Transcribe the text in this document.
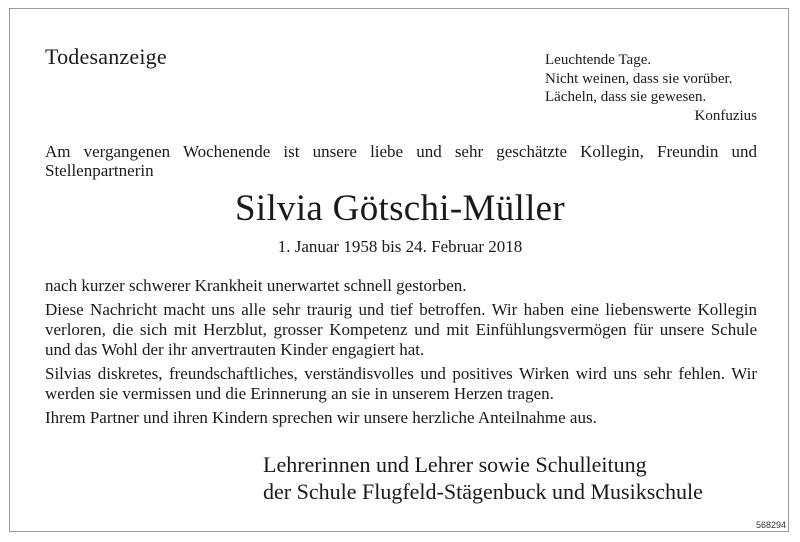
Todesanzeige	Leuchtende Tage.
Nicht weinen, dass sie vorüber.
Lächeln, dass sie gewesen.
Konfuzius
Am vergangenen Wochenende ist unsere liebe und sehr geschätzte Kollegin, Freundin und Stellenpartnerin
Silvia Götschi-Müller
1. Januar 1958 bis 24. Februar 2018

nach kurzer schwerer Krankheit unerwartet schnell gestorben.

Diese Nachricht macht uns alle sehr traurig und tief betroffen. Wir haben eine liebenswerte Kollegin verloren, die sich mit Herzblut, grosser Kompetenz und mit Einfühlungsvermögen für unsere Schule und das Wohl der ihr anvertrauten Kinder engagiert hat.

Silvias diskretes, freundschaftliches, verständisvolles und positives Wirken wird uns sehr fehlen. Wir werden sie vermissen und die Erinnerung an sie in unserem Herzen tragen.

Ihrem Partner und ihren Kindern sprechen wir unsere herzliche Anteilnahme aus.

Lehrerinnen und Lehrer sowie Schulleitung
der Schule Flugfeld-Stägenbuck und Musikschule
568294
